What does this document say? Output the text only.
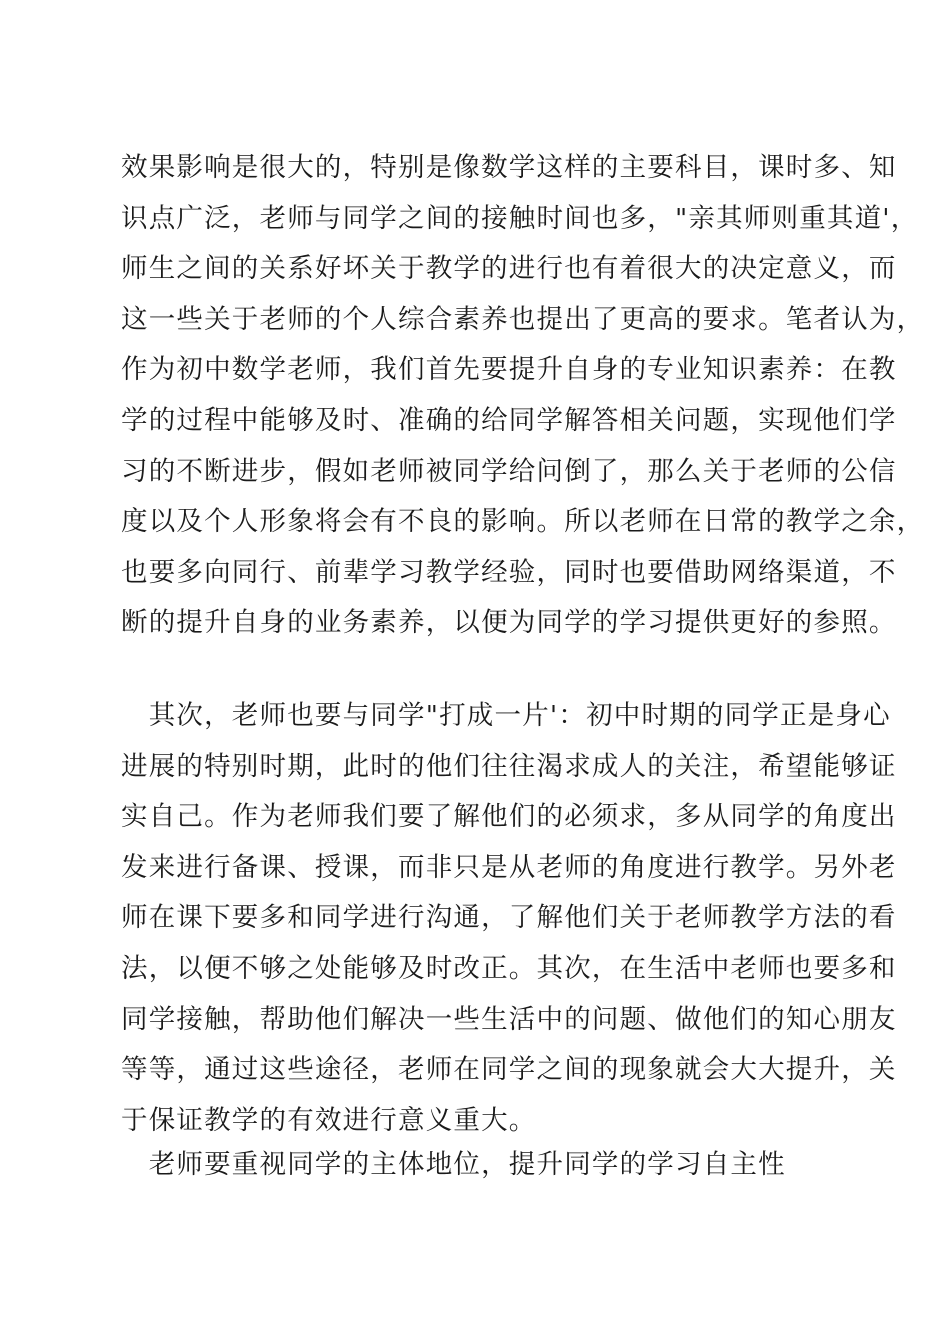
效果影响是很大的，特别是像数学这样的主要科目，课时多、知
识点广泛，老师与同学之间的接触时间也多，"亲其师则重其道'，
师生之间的关系好坏关于教学的进行也有着很大的决定意义，而
这一些关于老师的个人综合素养也提出了更高的要求。笔者认为，
作为初中数学老师，我们首先要提升自身的专业知识素养：在教
学的过程中能够及时、准确的给同学解答相关问题，实现他们学
习的不断进步，假如老师被同学给问倒了，那么关于老师的公信
度以及个人形象将会有不良的影响。所以老师在日常的教学之余，
也要多向同行、前辈学习教学经验，同时也要借助网络渠道，不
断的提升自身的业务素养，以便为同学的学习提供更好的参照。
　其次，老师也要与同学"打成一片'：初中时期的同学正是身心
进展的特别时期，此时的他们往往渴求成人的关注，希望能够证
实自己。作为老师我们要了解他们的必须求，多从同学的角度出
发来进行备课、授课，而非只是从老师的角度进行教学。另外老
师在课下要多和同学进行沟通，了解他们关于老师教学方法的看
法，以便不够之处能够及时改正。其次，在生活中老师也要多和
同学接触，帮助他们解决一些生活中的问题、做他们的知心朋友
等等，通过这些途径，老师在同学之间的现象就会大大提升，关
于保证教学的有效进行意义重大。
　老师要重视同学的主体地位，提升同学的学习自主性
